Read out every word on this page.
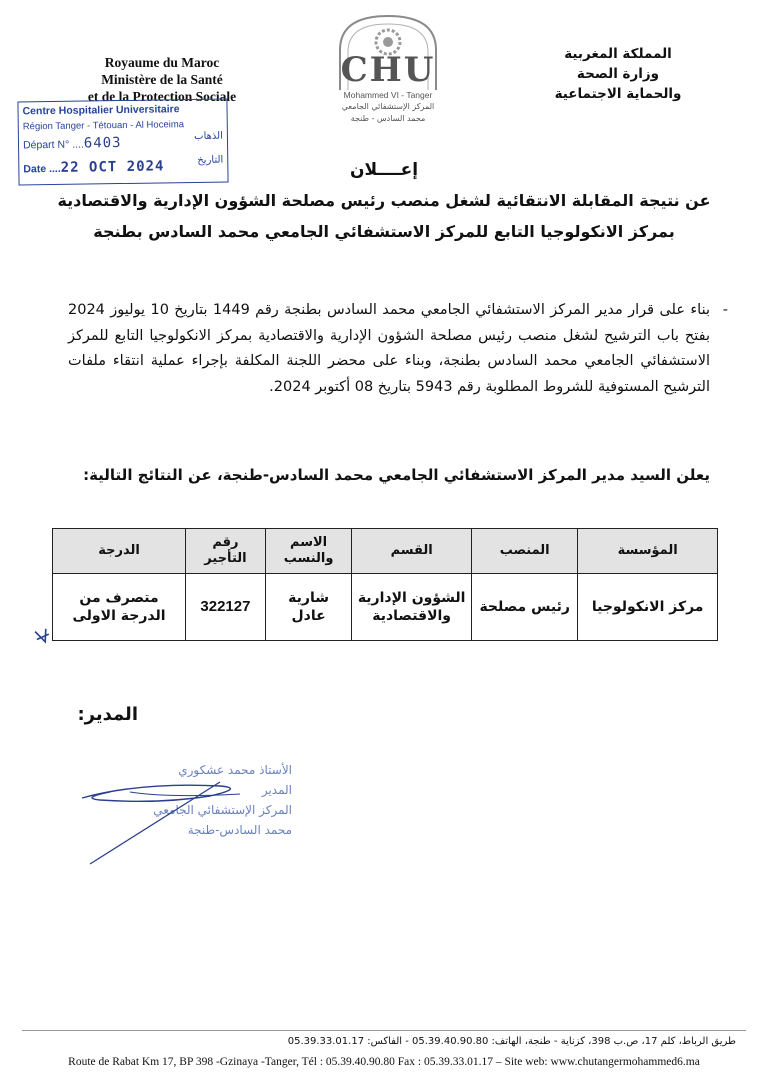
Royaume du Maroc
Ministère de la Santé
et de la Protection Sociale
المملكة المغربية
وزارة الصحة
والحماية الاجتماعية
CHU
Mohammed VI - Tanger
المركز الإستشفائي الجامعي
محمد السادس - طنجة
Centre Hospitalier Universitaire
Région Tanger - Tétouan - Al Hoceima
Départ N° ....6403	الذهاب
Date ....22 OCT 2024	التاريخ	إعــــلان
عن نتيجة المقابلة الانتقائية لشغل منصب رئيس مصلحة الشؤون الإدارية والاقتصادية
بمركز الانكولوجيا التابع للمركز الاستشفائي الجامعي محمد السادس بطنجة
-
بناء على قرار مدير المركز الاستشفائي الجامعي محمد السادس بطنجة رقم 1449 بتاريخ 10 يوليوز 2024 بفتح باب الترشيح لشغل منصب رئيس مصلحة الشؤون الإدارية والاقتصادية بمركز الانكولوجيا التابع للمركز الاستشفائي الجامعي محمد السادس بطنجة، وبناء على محضر اللجنة المكلفة بإجراء عملية انتقاء ملفات الترشيح المستوفية للشروط المطلوبة رقم 5943 بتاريخ 08 أكتوبر 2024.
يعلن السيد مدير المركز الاستشفائي الجامعي محمد السادس-طنجة، عن النتائج التالية:
المؤسسة	المنصب	القسم	الاسم والنسب	رقم التأجير	الدرجة
مركز الانكولوجيا	رئيس مصلحة	الشؤون الإدارية والاقتصادية	شارية عادل	322127	متصرف من الدرجة الاولى
المدير:
الأستاذ محمد عشكوري
المدير
المركز الإستشفائي الجامعي
محمد السادس-طنجة
طريق الرباط، كلم 17، ص.ب 398، كزناية - طنجة، الهاتف: 05.39.40.90.80 - الفاكس: 05.39.33.01.17
Route de Rabat Km 17, BP 398 -Gzinaya -Tanger, Tél : 05.39.40.90.80 Fax : 05.39.33.01.17 – Site web: www.chutangermohammed6.ma
